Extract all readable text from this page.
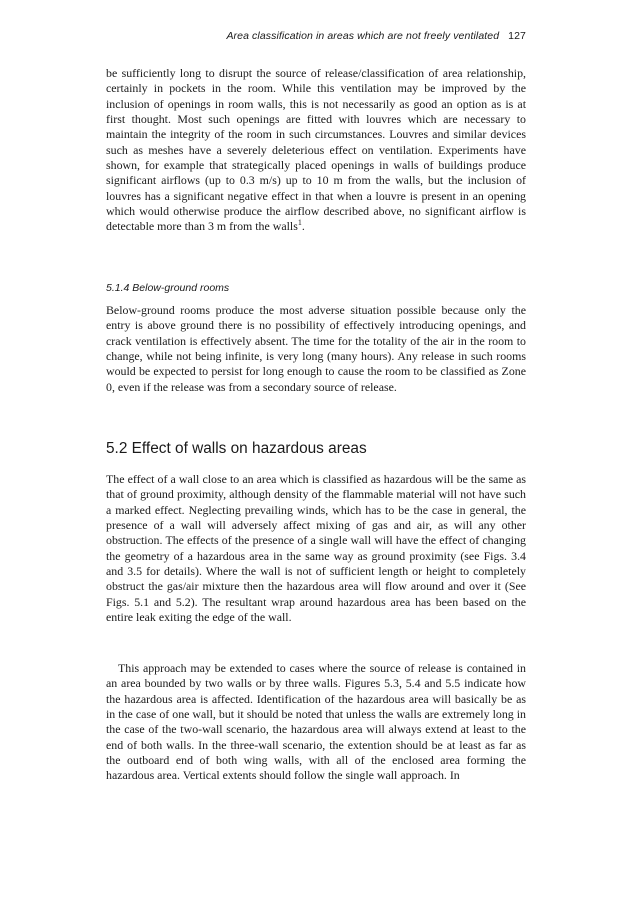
Area classification in areas which are not freely ventilated 127

be sufficiently long to disrupt the source of release/classification of area relationship, certainly in pockets in the room. While this ventilation may be improved by the inclusion of openings in room walls, this is not necessarily as good an option as is at first thought. Most such openings are fitted with louvres which are necessary to maintain the integrity of the room in such circumstances. Louvres and similar devices such as meshes have a severely deleterious effect on ventilation. Experiments have shown, for example that strategically placed openings in walls of buildings produce significant airflows (up to 0.3 m/s) up to 10 m from the walls, but the inclusion of louvres has a significant negative effect in that when a louvre is present in an opening which would otherwise produce the airflow described above, no significant airflow is detectable more than 3 m from the walls$^1$.

5.1.4 Below-ground rooms

Below-ground rooms produce the most adverse situation possible because only the entry is above ground there is no possibility of effectively introducing openings, and crack ventilation is effectively absent. The time for the totality of the air in the room to change, while not being infinite, is very long (many hours). Any release in such rooms would be expected to persist for long enough to cause the room to be classified as Zone 0, even if the release was from a secondary source of release.

5.2 Effect of walls on hazardous areas

The effect of a wall close to an area which is classified as hazardous will be the same as that of ground proximity, although density of the flammable material will not have such a marked effect. Neglecting prevailing winds, which has to be the case in general, the presence of a wall will adversely affect mixing of gas and air, as will any other obstruction. The effects of the presence of a single wall will have the effect of changing the geometry of a hazardous area in the same way as ground proximity (see Figs. 3.4 and 3.5 for details). Where the wall is not of sufficient length or height to completely obstruct the gas/air mixture then the hazardous area will flow around and over it (See Figs. 5.1 and 5.2). The resultant wrap around hazardous area has been based on the entire leak exiting the edge of the wall.

This approach may be extended to cases where the source of release is contained in an area bounded by two walls or by three walls. Figures 5.3, 5.4 and 5.5 indicate how the hazardous area is affected. Identification of the hazardous area will basically be as in the case of one wall, but it should be noted that unless the walls are extremely long in the case of the two-wall scenario, the hazardous area will always extend at least to the end of both walls. In the three-wall scenario, the extention should be at least as far as the outboard end of both wing walls, with all of the enclosed area forming the hazardous area. Vertical extents should follow the single wall approach. In
